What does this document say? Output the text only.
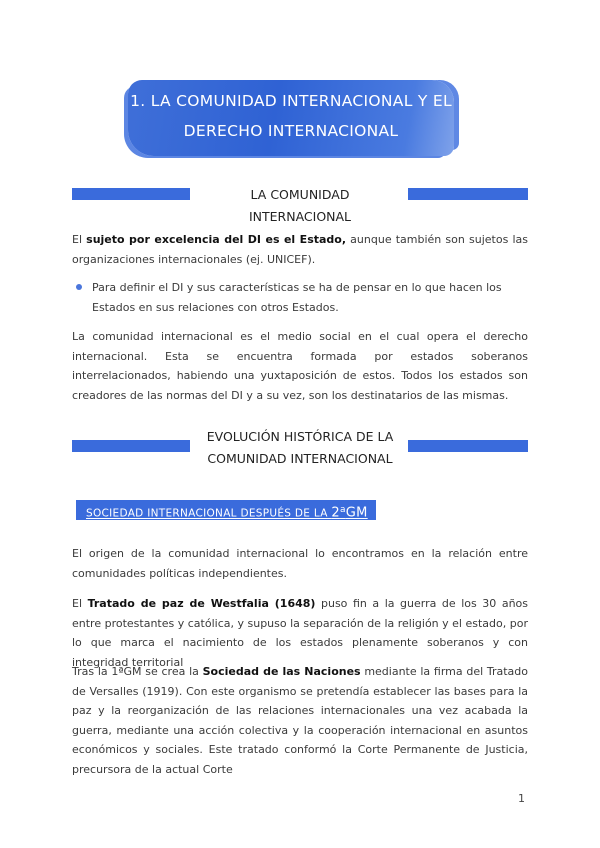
1. LA COMUNIDAD INTERNACIONAL Y EL
DERECHO INTERNACIONAL
LA COMUNIDAD INTERNACIONAL

El sujeto por excelencia del DI es el Estado, aunque también son sujetos las organizaciones internacionales (ej. UNICEF).

Para definir el DI y sus características se ha de pensar en lo que hacen los Estados en sus relaciones con otros Estados.

La comunidad internacional es el medio social en el cual opera el derecho internacional. Esta se encuentra formada por estados soberanos interrelacionados, habiendo una yuxtaposición de estos. Todos los estados son creadores de las normas del DI y a su vez, son los destinatarios de las mismas.

EVOLUCIÓN HISTÓRICA DE LA
COMUNIDAD INTERNACIONAL
SOCIEDAD INTERNACIONAL DESPUÉS DE LA 2$^a$GM

El origen de la comunidad internacional lo encontramos en la relación entre comunidades políticas independientes.

El Tratado de paz de Westfalia (1648) puso fin a la guerra de los 30 años entre protestantes y católica, y supuso la separación de la religión y el estado, por lo que marca el nacimiento de los estados plenamente soberanos y con integridad territorial

Tras la 1ªGM se crea la Sociedad de las Naciones mediante la firma del Tratado de Versalles (1919). Con este organismo se pretendía establecer las bases para la paz y la reorganización de las relaciones internacionales una vez acabada la guerra, mediante una acción colectiva y la cooperación internacional en asuntos económicos y sociales. Este tratado conformó la Corte Permanente de Justicia, precursora de la actual Corte

1
